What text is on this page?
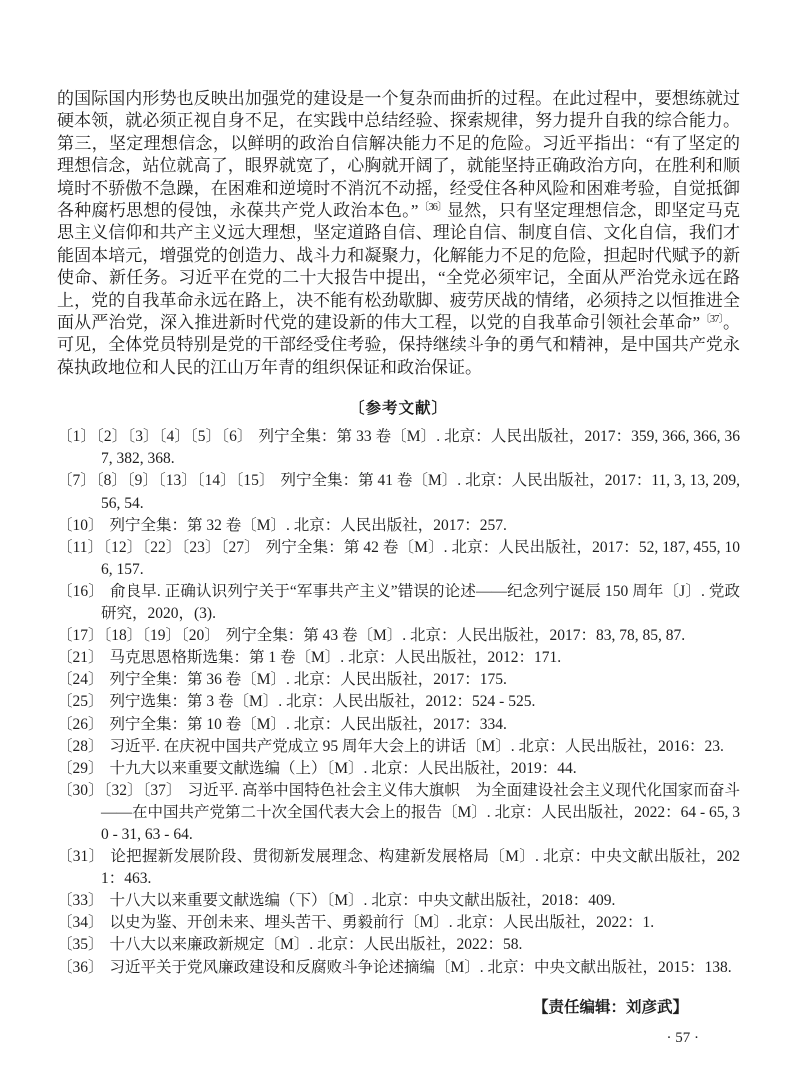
的国际国内形势也反映出加强党的建设是一个复杂而曲折的过程。在此过程中，要想练就过硬本领，就必须正视自身不足，在实践中总结经验、探索规律，努力提升自我的综合能力。第三，坚定理想信念，以鲜明的政治自信解决能力不足的危险。习近平指出：“有了坚定的理想信念，站位就高了，眼界就宽了，心胸就开阔了，就能坚持正确政治方向，在胜利和顺境时不骄傲不急躁，在困难和逆境时不消沉不动摇，经受住各种风险和困难考验，自觉抵御各种腐朽思想的侵蚀，永葆共产党人政治本色。”$^{〔36〕}$显然，只有坚定理想信念，即坚定马克思主义信仰和共产主义远大理想，坚定道路自信、理论自信、制度自信、文化自信，我们才能固本培元，增强党的创造力、战斗力和凝聚力，化解能力不足的危险，担起时代赋予的新使命、新任务。习近平在党的二十大报告中提出，“全党必须牢记，全面从严治党永远在路上，党的自我革命永远在路上，决不能有松劲歇脚、疲劳厌战的情绪，必须持之以恒推进全面从严治党，深入推进新时代党的建设新的伟大工程，以党的自我革命引领社会革命”$^{〔37〕}$。可见，全体党员特别是党的干部经受住考验，保持继续斗争的勇气和精神，是中国共产党永葆执政地位和人民的江山万年青的组织保证和政治保证。

〔参考文献〕
〔1〕〔2〕〔3〕〔4〕〔5〕〔6〕 列宁全集：第 33 卷〔M〕. 北京：人民出版社，2017：359, 366, 366, 367, 382, 368.
〔7〕〔8〕〔9〕〔13〕〔14〕〔15〕 列宁全集：第 41 卷〔M〕. 北京：人民出版社，2017：11, 3, 13, 209, 56, 54.
〔10〕 列宁全集：第 32 卷〔M〕. 北京：人民出版社，2017：257.
〔11〕〔12〕〔22〕〔23〕〔27〕 列宁全集：第 42 卷〔M〕. 北京：人民出版社，2017：52, 187, 455, 106, 157.
〔16〕 俞良早. 正确认识列宁关于“军事共产主义”错误的论述——纪念列宁诞辰 150 周年〔J〕. 党政研究，2020，(3).
〔17〕〔18〕〔19〕〔20〕 列宁全集：第 43 卷〔M〕. 北京：人民出版社，2017：83, 78, 85, 87.
〔21〕 马克思恩格斯选集：第 1 卷〔M〕. 北京：人民出版社，2012：171.
〔24〕 列宁全集：第 36 卷〔M〕. 北京：人民出版社，2017：175.
〔25〕 列宁选集：第 3 卷〔M〕. 北京：人民出版社，2012：524 - 525.
〔26〕 列宁全集：第 10 卷〔M〕. 北京：人民出版社，2017：334.
〔28〕 习近平. 在庆祝中国共产党成立 95 周年大会上的讲话〔M〕. 北京：人民出版社，2016：23.
〔29〕 十九大以来重要文献选编（上）〔M〕. 北京：人民出版社，2019：44.
〔30〕〔32〕〔37〕 习近平. 高举中国特色社会主义伟大旗帜　为全面建设社会主义现代化国家而奋斗——在中国共产党第二十次全国代表大会上的报告〔M〕. 北京：人民出版社，2022：64 - 65, 30 - 31, 63 - 64.
〔31〕 论把握新发展阶段、贯彻新发展理念、构建新发展格局〔M〕. 北京：中央文献出版社，2021：463.
〔33〕 十八大以来重要文献选编（下）〔M〕. 北京：中央文献出版社，2018：409.
〔34〕 以史为鉴、开创未来、埋头苦干、勇毅前行〔M〕. 北京：人民出版社，2022：1.
〔35〕 十八大以来廉政新规定〔M〕. 北京：人民出版社，2022：58.
〔36〕 习近平关于党风廉政建设和反腐败斗争论述摘编〔M〕. 北京：中央文献出版社，2015：138.
【责任编辑：刘彦武】
· 57 ·
